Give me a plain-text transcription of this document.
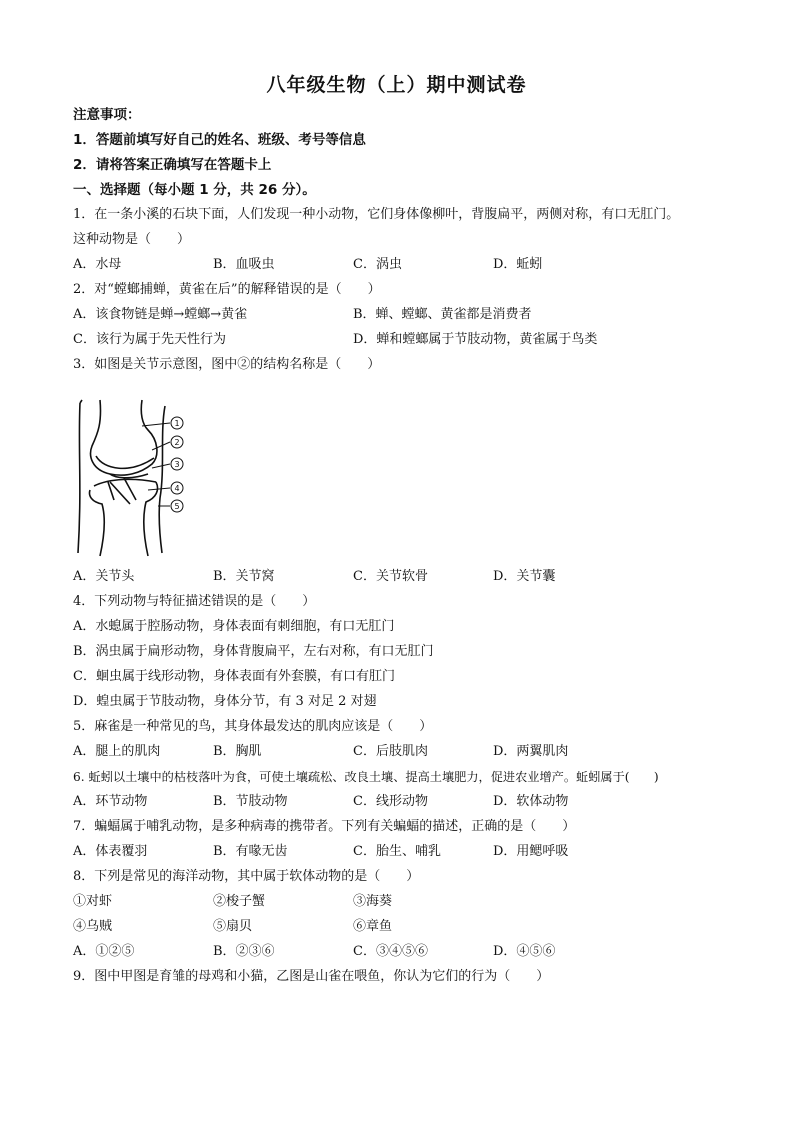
八年级生物（上）期中测试卷
注意事项：
1．答题前填写好自己的姓名、班级、考号等信息
2．请将答案正确填写在答题卡上
一、选择题（每小题 1 分，共 26 分）。
1．在一条小溪的石块下面，人们发现一种小动物，它们身体像柳叶，背腹扁平，两侧对称，有口无肛门。
这种动物是（　　）
A．水母	B．血吸虫	C．涡虫	D．蚯蚓
2．对“螳螂捕蝉，黄雀在后”的解释错误的是（　　）
A．该食物链是蝉→螳螂→黄雀	B．蝉、螳螂、黄雀都是消费者
C．该行为属于先天性行为	D．蝉和螳螂属于节肢动物，黄雀属于鸟类
3．如图是关节示意图，图中②的结构名称是（　　）
1
2
3
4
5
A．关节头	B．关节窝	C．关节软骨	D．关节囊
4．下列动物与特征描述错误的是（　　）
A．水螅属于腔肠动物，身体表面有刺细胞，有口无肛门
B．涡虫属于扁形动物，身体背腹扁平，左右对称，有口无肛门
C．蛔虫属于线形动物，身体表面有外套膜，有口有肛门
D．蝗虫属于节肢动物，身体分节，有 3 对足 2 对翅
5．麻雀是一种常见的鸟，其身体最发达的肌肉应该是（　　）
A．腿上的肌肉	B．胸肌	C．后肢肌肉	D．两翼肌肉
6. 蚯蚓以土壤中的枯枝落叶为食，可使土壤疏松、改良土壤、提高土壤肥力，促进农业增产。蚯蚓属于(　　)
A．环节动物	B．节肢动物	C．线形动物	D．软体动物
7．蝙蝠属于哺乳动物，是多种病毒的携带者。下列有关蝙蝠的描述，正确的是（　　）
A．体表覆羽	B．有喙无齿	C．胎生、哺乳	D．用鳃呼吸
8．下列是常见的海洋动物，其中属于软体动物的是（　　）
①对虾	②梭子蟹	③海葵
④乌贼	⑤扇贝	⑥章鱼
A．①②⑤	B．②③⑥	C．③④⑤⑥	D．④⑤⑥
9．图中甲图是育雏的母鸡和小猫，乙图是山雀在喂鱼，你认为它们的行为（　　）
